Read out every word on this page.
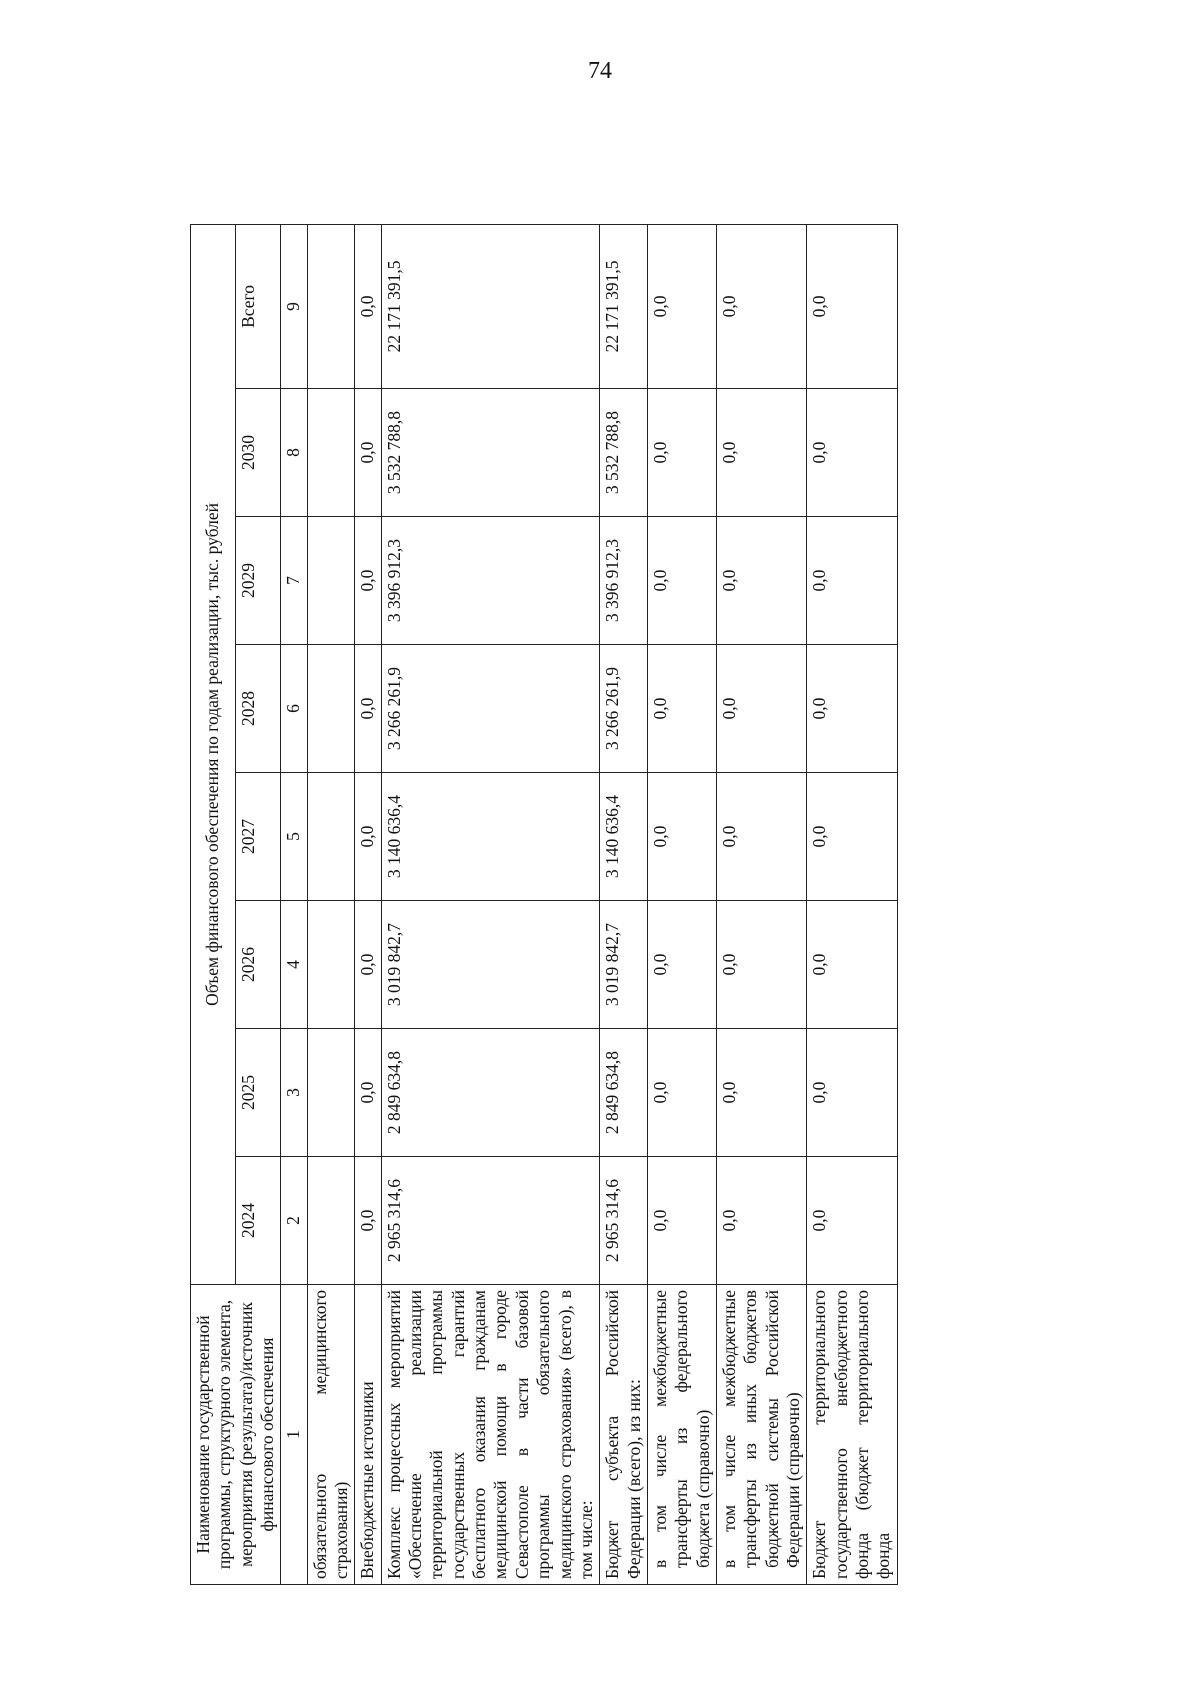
74
Наименование государственной программы, структурного элемента, мероприятия (результата)/источник финансового обеспечения	Объем финансового обеспечения по годам реализации, тыс. рублей							
	2024	2025	2026	2027	2028	2029	2030	Всего
1	2	3	4	5	6	7	8	9
обязательного медицинского страхования)								
Внебюджетные источники	0,0	0,0	0,0	0,0	0,0	0,0	0,0	0,0
Комплекс процессных мероприятий «Обеспечение реализации территориальной программы государственных гарантий бесплатного оказания гражданам медицинской помощи в городе Севастополе в части базовой программы обязательного медицинского страхования» (всего), в том числе:	2 965 314,6	2 849 634,8	3 019 842,7	3 140 636,4	3 266 261,9	3 396 912,3	3 532 788,8	22 171 391,5
Бюджет субъекта Российской Федерации (всего), из них:	2 965 314,6	2 849 634,8	3 019 842,7	3 140 636,4	3 266 261,9	3 396 912,3	3 532 788,8	22 171 391,5
в том числе межбюджетные трансферты из федерального бюджета (справочно)	0,0	0,0	0,0	0,0	0,0	0,0	0,0	0,0
в том числе межбюджетные трансферты из иных бюджетов бюджетной системы Российской Федерации (справочно)	0,0	0,0	0,0	0,0	0,0	0,0	0,0	0,0
Бюджет территориального государственного внебюджетного фонда (бюджет территориального фонда	0,0	0,0	0,0	0,0	0,0	0,0	0,0	0,0
